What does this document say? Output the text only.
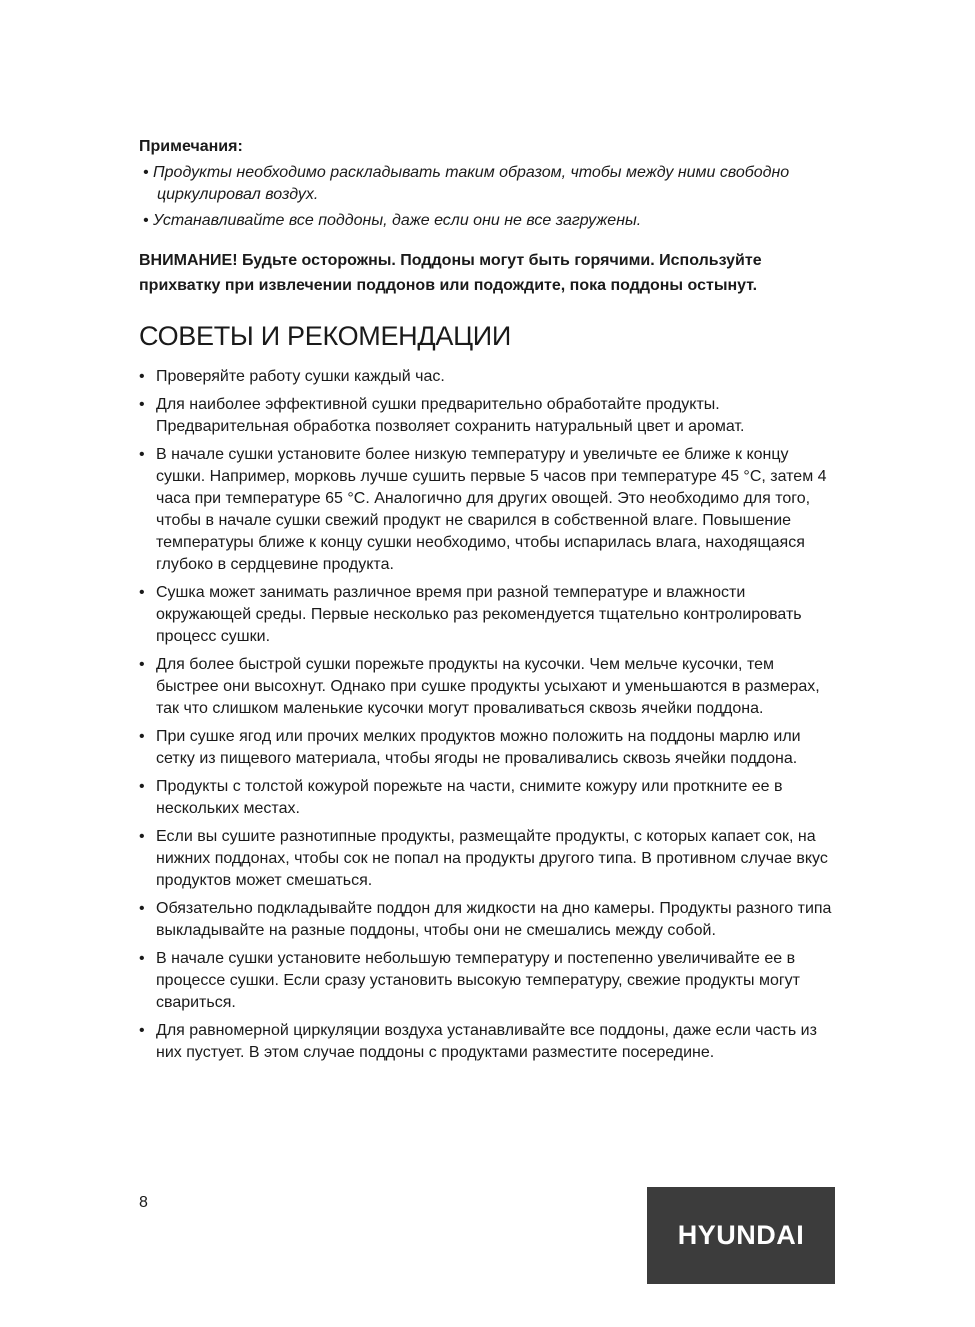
Примечания:

• Продукты необходимо раскладывать таким образом, чтобы между ними свободно циркулировал воздух.

• Устанавливайте все поддоны, даже если они не все загружены.

ВНИМАНИЕ! Будьте осторожны. Поддоны могут быть горячими. Используйте прихватку при извлечении поддонов или подождите, пока поддоны остынут.

СОВЕТЫ И РЕКОМЕНДАЦИИ
• Проверяйте работу сушки каждый час.
• Для наиболее эффективной сушки предварительно обработайте продукты. Предварительная обработка позволяет сохранить натуральный цвет и аромат.
• В начале сушки установите более низкую температуру и увеличьте ее ближе к концу сушки. Например, морковь лучше сушить первые 5 часов при температуре 45 °C, затем 4 часа при температуре 65 °C. Аналогично для других овощей. Это необходимо для того, чтобы в начале сушки свежий продукт не сварился в собственной влаге. Повышение температуры ближе к концу сушки необходимо, чтобы испарилась влага, находящаяся глубоко в сердцевине продукта.
• Сушка может занимать различное время при разной температуре и влажности окружающей среды. Первые несколько раз рекомендуется тщательно контролировать процесс сушки.
• Для более быстрой сушки порежьте продукты на кусочки. Чем мельче кусочки, тем быстрее они высохнут. Однако при сушке продукты усыхают и уменьшаются в размерах, так что слишком маленькие кусочки могут проваливаться сквозь ячейки поддона.
• При сушке ягод или прочих мелких продуктов можно положить на поддоны марлю или сетку из пищевого материала, чтобы ягоды не проваливались сквозь ячейки поддона.
• Продукты с толстой кожурой порежьте на части, снимите кожуру или проткните ее в нескольких местах.
• Если вы сушите разнотипные продукты, размещайте продукты, с которых капает сок, на нижних поддонах, чтобы сок не попал на продукты другого типа. В противном случае вкус продуктов может смешаться.
• Обязательно подкладывайте поддон для жидкости на дно камеры. Продукты разного типа выкладывайте на разные поддоны, чтобы они не смешались между собой.
• В начале сушки установите небольшую температуру и постепенно увеличивайте ее в процессе сушки. Если сразу установить высокую температуру, свежие продукты могут свариться.
• Для равномерной циркуляции воздуха устанавливайте все поддоны, даже если часть из них пустует. В этом случае поддоны с продуктами разместите посередине.
8
HYUNDAI
